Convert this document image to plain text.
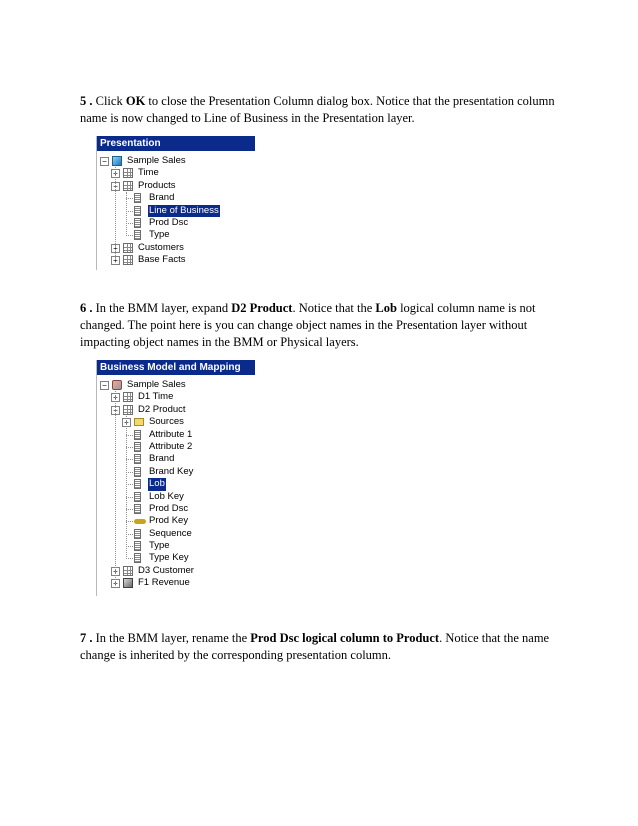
5 . Click OK to close the Presentation Column dialog box. Notice that the presentation column name is now changed to Line of Business in the Presentation layer.
Presentation
− Sample Sales
+ Time
− Products
Brand
Line of Business
Prod Dsc
Type
+ Customers
+ Base Facts
6 . In the BMM layer, expand D2 Product. Notice that the Lob logical column name is not changed. The point here is you can change object names in the Presentation layer without impacting object names in the BMM or Physical layers.
Business Model and Mapping
− Sample Sales
+ D1 Time
− D2 Product
+ Sources
Attribute 1
Attribute 2
Brand
Brand Key
Lob
Lob Key
Prod Dsc
Prod Key
Sequence
Type
Type Key
+ D3 Customer
+ F1 Revenue
7 . In the BMM layer, rename the Prod Dsc logical column to Product. Notice that the name change is inherited by the corresponding presentation column.
